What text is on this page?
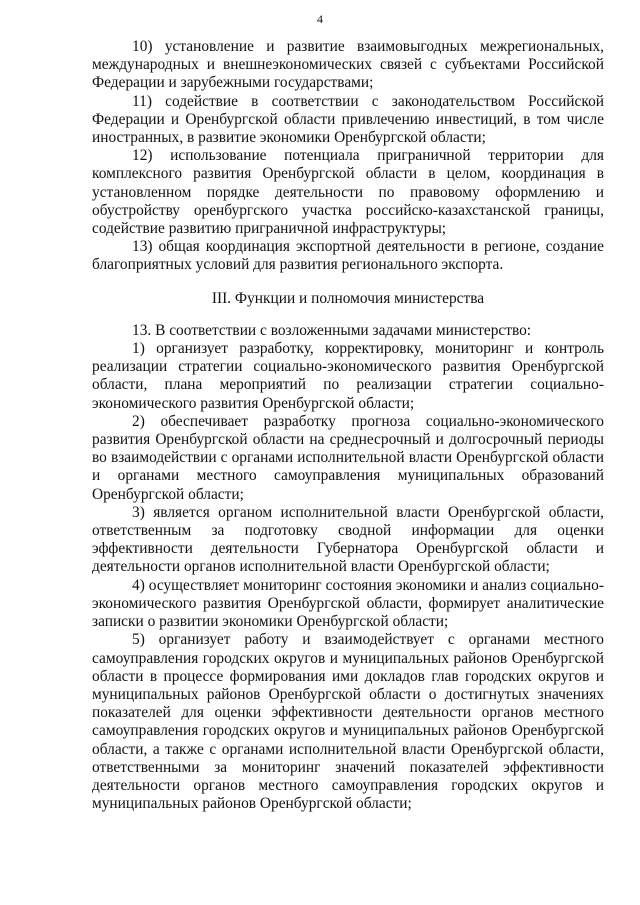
4

10) установление и развитие взаимовыгодных межрегиональных, международных и внешнеэкономических связей с субъектами Российской Федерации и зарубежными государствами;

11) содействие в соответствии с законодательством Российской Федерации и Оренбургской области привлечению инвестиций, в том числе иностранных, в развитие экономики Оренбургской области;

12) использование потенциала приграничной территории для комплексного развития Оренбургской области в целом, координация в установленном порядке деятельности по правовому оформлению и обустройству оренбургского участка российско-казахстанской границы, содействие развитию приграничной инфраструктуры;

13) общая координация экспортной деятельности в регионе, создание благоприятных условий для развития регионального экспорта.

III. Функции и полномочия министерства

13. В соответствии с возложенными задачами министерство:

1) организует разработку, корректировку, мониторинг и контроль реализации стратегии социально-экономического развития Оренбургской области, плана мероприятий по реализации стратегии социально-экономического развития Оренбургской области;

2) обеспечивает разработку прогноза социально-экономического развития Оренбургской области на среднесрочный и долгосрочный периоды во взаимодействии с органами исполнительной власти Оренбургской области и органами местного самоуправления муниципальных образований Оренбургской области;

3) является органом исполнительной власти Оренбургской области, ответственным за подготовку сводной информации для оценки эффективности деятельности Губернатора Оренбургской области и деятельности органов исполнительной власти Оренбургской области;

4) осуществляет мониторинг состояния экономики и анализ социально-экономического развития Оренбургской области, формирует аналитические записки о развитии экономики Оренбургской области;

5) организует работу и взаимодействует с органами местного самоуправления городских округов и муниципальных районов Оренбургской области в процессе формирования ими докладов глав городских округов и муниципальных районов Оренбургской области о достигнутых значениях показателей для оценки эффективности деятельности органов местного самоуправления городских округов и муниципальных районов Оренбургской области, а также с органами исполнительной власти Оренбургской области, ответственными за мониторинг значений показателей эффективности деятельности органов местного самоуправления городских округов и муниципальных районов Оренбургской области;
